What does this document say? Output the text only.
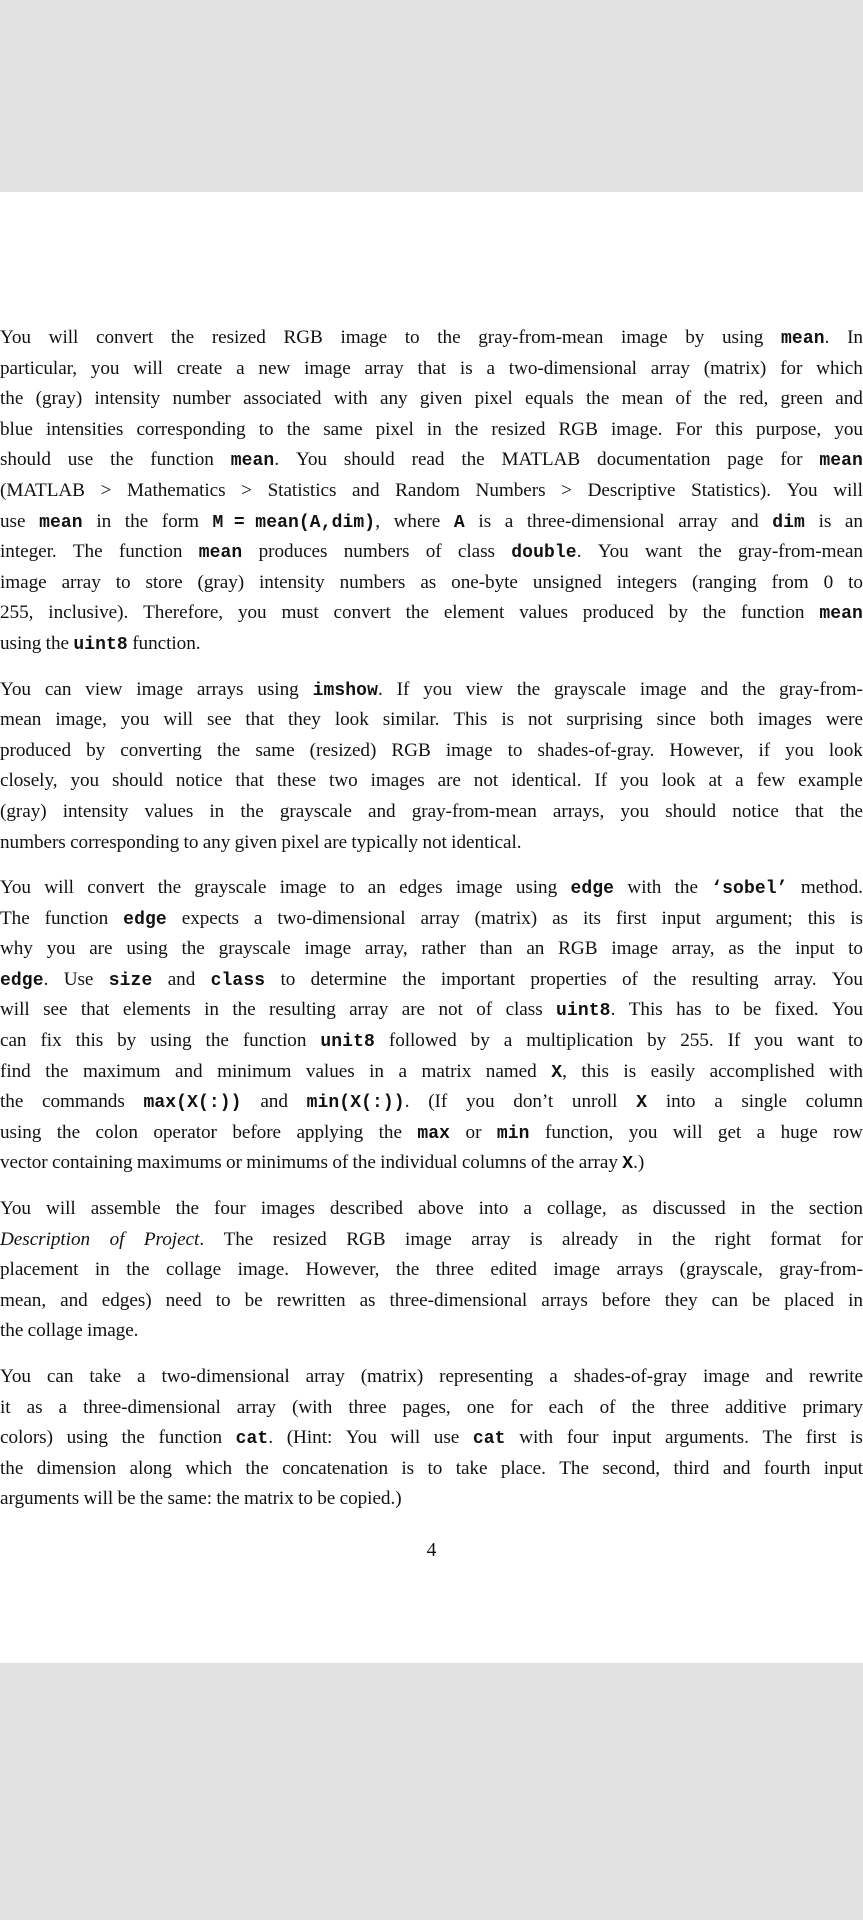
You will convert the resized RGB image to the gray-from-mean image by using mean. In
particular, you will create a new image array that is a two-dimensional array (matrix) for which
the (gray) intensity number associated with any given pixel equals the mean of the red, green and
blue intensities corresponding to the same pixel in the resized RGB image. For this purpose, you
should use the function mean. You should read the MATLAB documentation page for mean
(MATLAB > Mathematics > Statistics and Random Numbers > Descriptive Statistics). You will
use mean in the form M = mean(A,dim), where A is a three-dimensional array and dim is an
integer. The function mean produces numbers of class double. You want the gray-from-mean
image array to store (gray) intensity numbers as one-byte unsigned integers (ranging from 0 to
255, inclusive). Therefore, you must convert the element values produced by the function mean
using the uint8 function.
You can view image arrays using imshow. If you view the grayscale image and the gray-from-
mean image, you will see that they look similar. This is not surprising since both images were
produced by converting the same (resized) RGB image to shades-of-gray. However, if you look
closely, you should notice that these two images are not identical. If you look at a few example
(gray) intensity values in the grayscale and gray-from-mean arrays, you should notice that the
numbers corresponding to any given pixel are typically not identical.
You will convert the grayscale image to an edges image using edge with the ‘sobel’ method.
The function edge expects a two-dimensional array (matrix) as its first input argument; this is
why you are using the grayscale image array, rather than an RGB image array, as the input to
edge. Use size and class to determine the important properties of the resulting array. You
will see that elements in the resulting array are not of class uint8. This has to be fixed. You
can fix this by using the function unit8 followed by a multiplication by 255. If you want to
find the maximum and minimum values in a matrix named X, this is easily accomplished with
the commands max(X(:)) and min(X(:)). (If you don’t unroll X into a single column
using the colon operator before applying the max or min function, you will get a huge row
vector containing maximums or minimums of the individual columns of the array X.)
You will assemble the four images described above into a collage, as discussed in the section
Description of Project. The resized RGB image array is already in the right format for
placement in the collage image. However, the three edited image arrays (grayscale, gray-from-
mean, and edges) need to be rewritten as three-dimensional arrays before they can be placed in
the collage image.
You can take a two-dimensional array (matrix) representing a shades-of-gray image and rewrite
it as a three-dimensional array (with three pages, one for each of the three additive primary
colors) using the function cat. (Hint: You will use cat with four input arguments. The first is
the dimension along which the concatenation is to take place. The second, third and fourth input
arguments will be the same: the matrix to be copied.)
4
